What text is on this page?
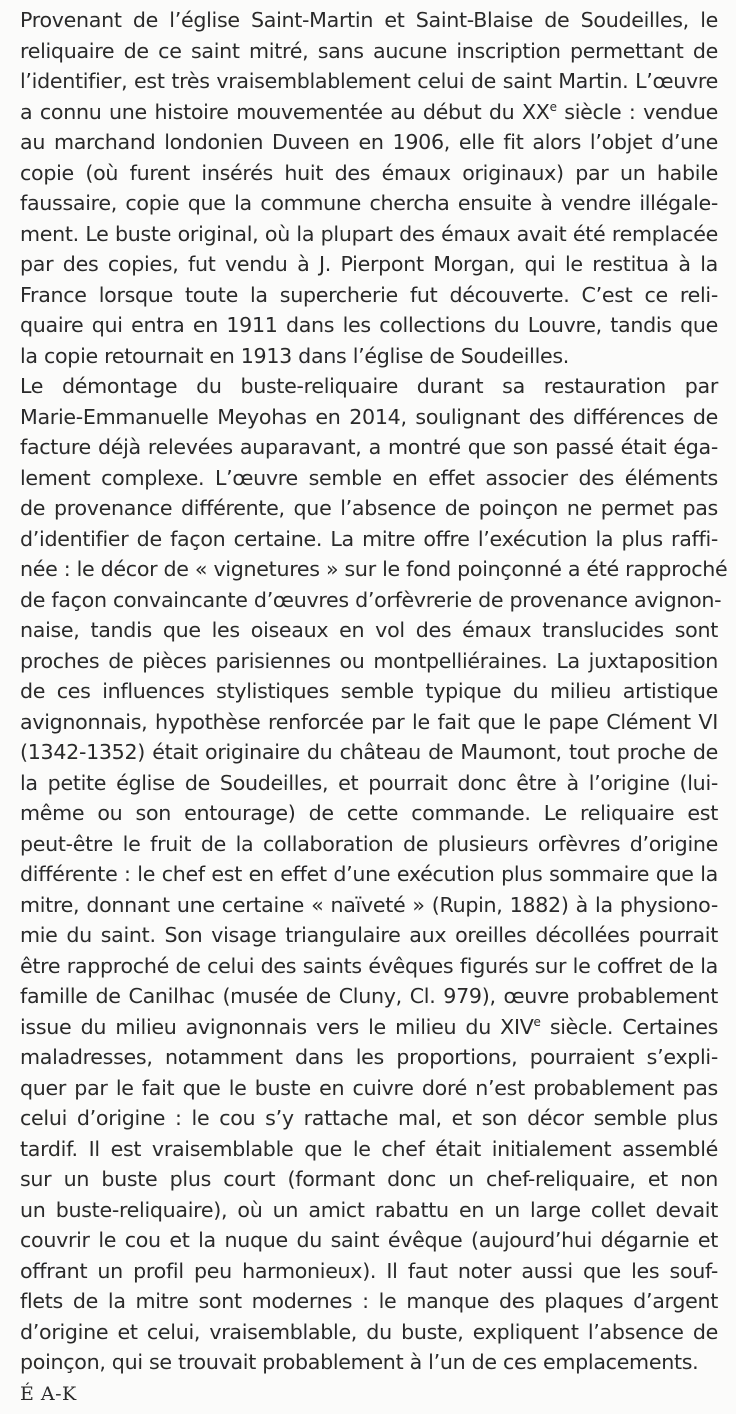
Provenant de l’église Saint-Martin et Saint-Blaise de Soudeilles, le
reliquaire de ce saint mitré, sans aucune inscription permettant de
l’identifier, est très vraisemblablement celui de saint Martin. L’œuvre
a connu une histoire mouvementée au début du XXe siècle : vendue
au marchand londonien Duveen en 1906, elle fit alors l’objet d’une
copie (où furent insérés huit des émaux originaux) par un habile
faussaire, copie que la commune chercha ensuite à vendre illégale-
ment. Le buste original, où la plupart des émaux avait été remplacée
par des copies, fut vendu à J. Pierpont Morgan, qui le restitua à la
France lorsque toute la supercherie fut découverte. C’est ce reli-
quaire qui entra en 1911 dans les collections du Louvre, tandis que
la copie retournait en 1913 dans l’église de Soudeilles.
Le démontage du buste-reliquaire durant sa restauration par
Marie-Emmanuelle Meyohas en 2014, soulignant des différences de
facture déjà relevées auparavant, a montré que son passé était éga-
lement complexe. L’œuvre semble en effet associer des éléments
de provenance différente, que l’absence de poinçon ne permet pas
d’identifier de façon certaine. La mitre offre l’exécution la plus raffi-
née : le décor de « vignetures » sur le fond poinçonné a été rapproché
de façon convaincante d’œuvres d’orfèvrerie de provenance avignon-
naise, tandis que les oiseaux en vol des émaux translucides sont
proches de pièces parisiennes ou montpelliéraines. La juxtaposition
de ces influences stylistiques semble typique du milieu artistique
avignonnais, hypothèse renforcée par le fait que le pape Clément VI
(1342-1352) était originaire du château de Maumont, tout proche de
la petite église de Soudeilles, et pourrait donc être à l’origine (lui-
même ou son entourage) de cette commande. Le reliquaire est
peut-être le fruit de la collaboration de plusieurs orfèvres d’origine
différente : le chef est en effet d’une exécution plus sommaire que la
mitre, donnant une certaine « naïveté » (Rupin, 1882) à la physiono-
mie du saint. Son visage triangulaire aux oreilles décollées pourrait
être rapproché de celui des saints évêques figurés sur le coffret de la
famille de Canilhac (musée de Cluny, Cl. 979), œuvre probablement
issue du milieu avignonnais vers le milieu du XIVe siècle. Certaines
maladresses, notamment dans les proportions, pourraient s’expli-
quer par le fait que le buste en cuivre doré n’est probablement pas
celui d’origine : le cou s’y rattache mal, et son décor semble plus
tardif. Il est vraisemblable que le chef était initialement assemblé
sur un buste plus court (formant donc un chef-reliquaire, et non
un buste-reliquaire), où un amict rabattu en un large collet devait
couvrir le cou et la nuque du saint évêque (aujourd’hui dégarnie et
offrant un profil peu harmonieux). Il faut noter aussi que les souf-
flets de la mitre sont modernes : le manque des plaques d’argent
d’origine et celui, vraisemblable, du buste, expliquent l’absence de
poinçon, qui se trouvait probablement à l’un de ces emplacements.
É A-K
